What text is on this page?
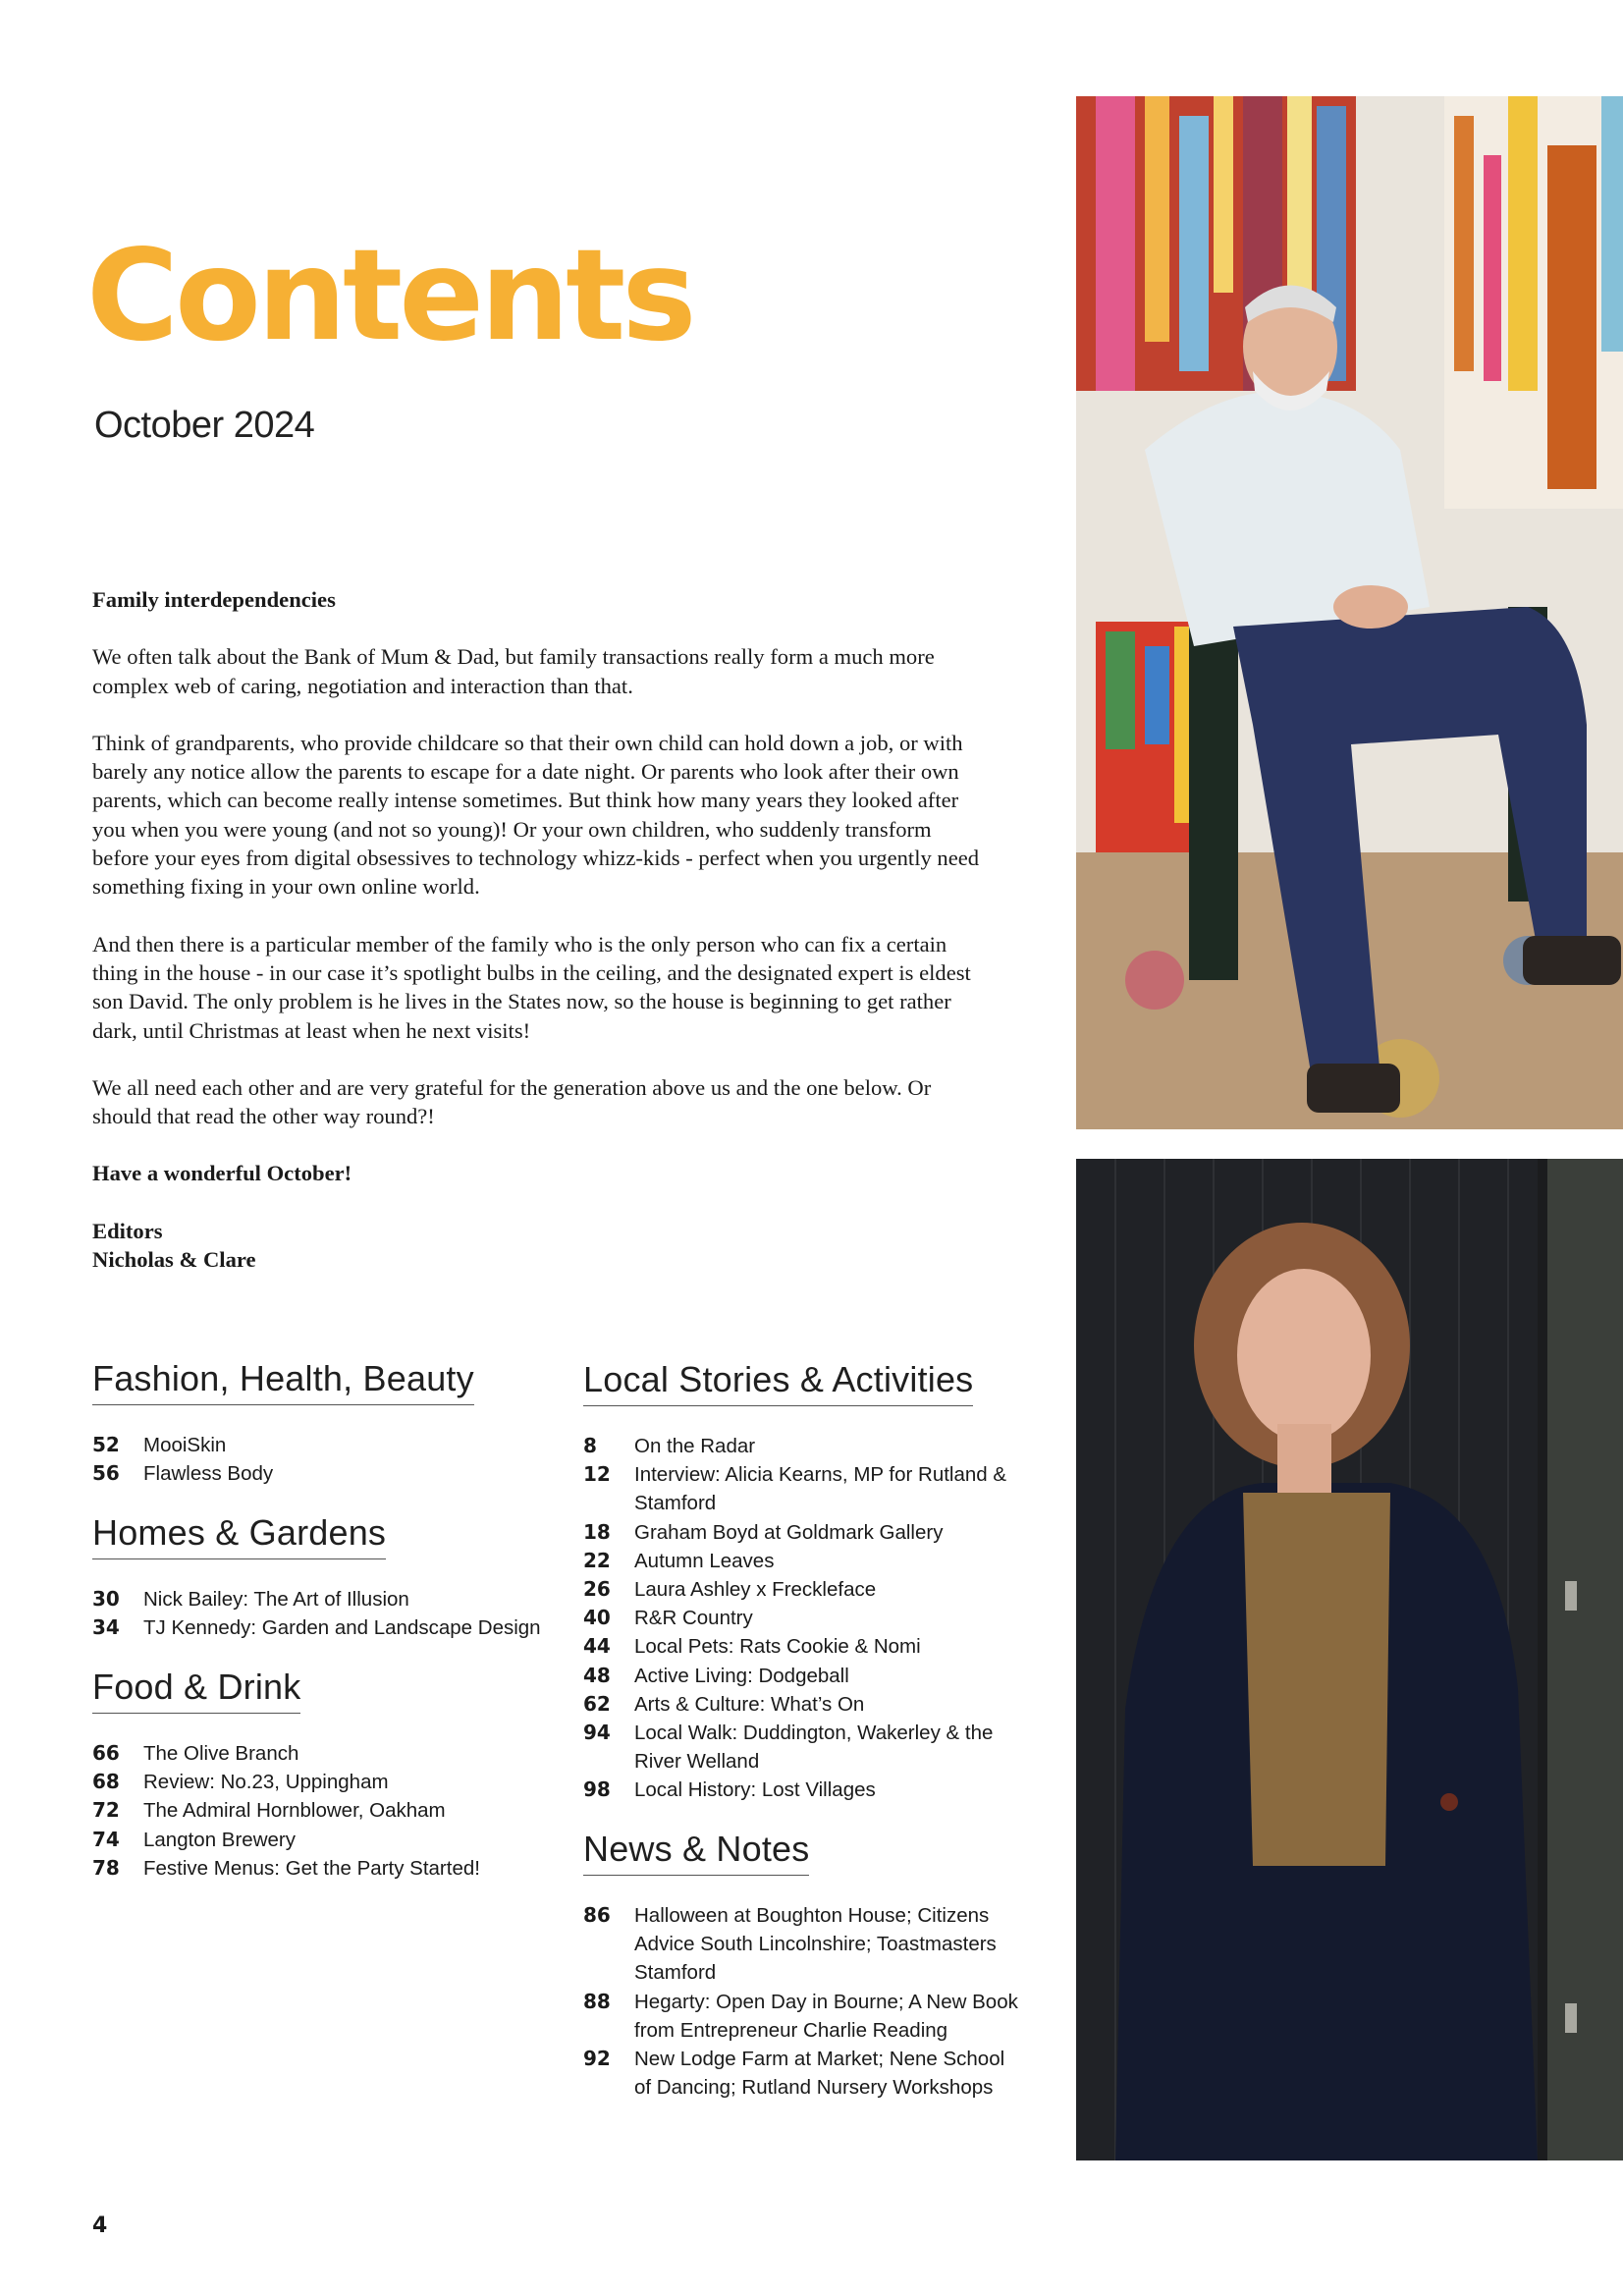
Contents
October 2024

Family interdependencies

We often talk about the Bank of Mum & Dad, but family transactions really form a much more complex web of caring, negotiation and interaction than that.

Think of grandparents, who provide childcare so that their own child can hold down a job, or with barely any notice allow the parents to escape for a date night. Or parents who look after their own parents, which can become really intense sometimes. But think how many years they looked after you when you were young (and not so young)! Or your own children, who suddenly transform before your eyes from digital obsessives to technology whizz-kids - perfect when you urgently need something fixing in your own online world.

And then there is a particular member of the family who is the only person who can fix a certain thing in the house - in our case it’s spotlight bulbs in the ceiling, and the designated expert is eldest son David. The only problem is he lives in the States now, so the house is beginning to get rather dark, until Christmas at least when he next visits!

We all need each other and are very grateful for the generation above us and the one below. Or should that read the other way round?!

Have a wonderful October!

Editors

Nicholas & Clare

Fashion, Health, Beauty
52	MooiSkin
56	Flawless Body
Homes & Gardens
30	Nick Bailey: The Art of Illusion
34	TJ Kennedy: Garden and Landscape Design
Food & Drink
66	The Olive Branch
68	Review: No.23, Uppingham
72	The Admiral Hornblower, Oakham
74	Langton Brewery
78	Festive Menus: Get the Party Started!
Local Stories & Activities
8	On the Radar
12	Interview: Alicia Kearns, MP for Rutland & Stamford
18	Graham Boyd at Goldmark Gallery
22	Autumn Leaves
26	Laura Ashley x Freckleface
40	R&R Country
44	Local Pets: Rats Cookie & Nomi
48	Active Living: Dodgeball
62	Arts & Culture: What’s On
94	Local Walk: Duddington, Wakerley & the River Welland
98	Local History: Lost Villages
News & Notes
86	Halloween at Boughton House; Citizens Advice South Lincolnshire; Toastmasters Stamford
88	Hegarty: Open Day in Bourne; A New Book from Entrepreneur Charlie Reading
92	New Lodge Farm at Market; Nene School of Dancing; Rutland Nursery Workshops
4
